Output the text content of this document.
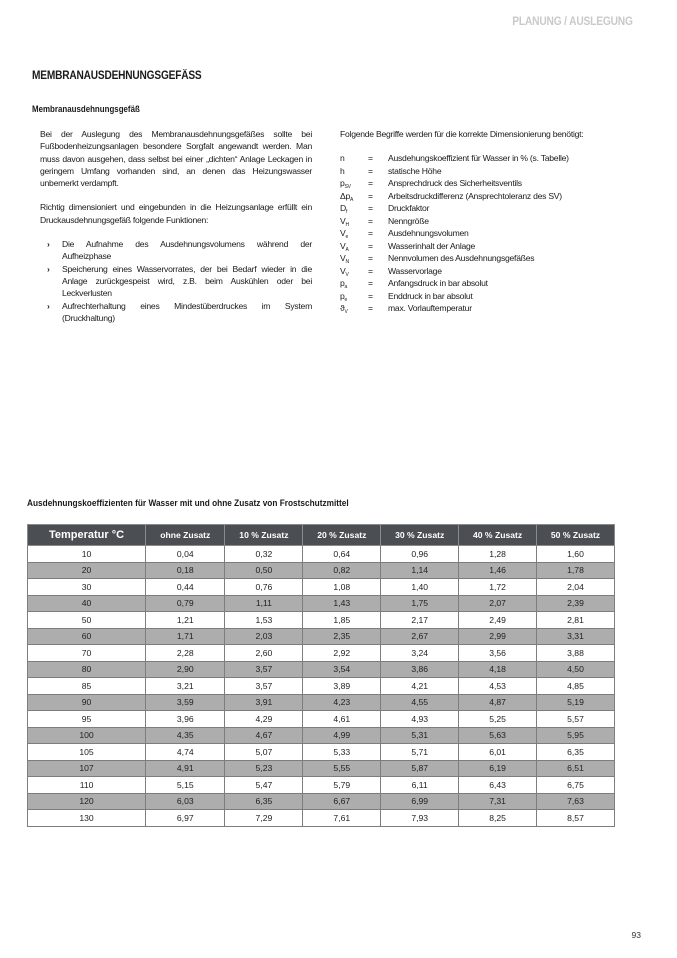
PLANUNG / AUSLEGUNG
MEMBRANAUSDEHNUNGSGEFÄSS
Membranausdehnungsgefäß

Bei der Auslegung des Membranausdehnungsgefäßes sollte bei Fußbodenheizungsanlagen besondere Sorgfalt angewandt werden. Man muss davon ausgehen, dass selbst bei einer „dichten“ Anlage Leckagen in geringem Umfang vorhanden sind, an denen das Heizungswasser unbemerkt verdampft.

Richtig dimensioniert und eingebunden in die Heizungsanlage erfüllt ein Druckausdehnungsgefäß folgende Funktionen:

› Die Aufnahme des Ausdehnungsvolumens während der Aufheizphase
› Speicherung eines Wasservorrates, der bei Bedarf wieder in die Anlage zurückgespeist wird, z.B. beim Auskühlen oder bei Leckverlusten
› Aufrechterhaltung eines Mindestüberdruckes im System (Druckhaltung)

Folgende Begriffe werden für die korrekte Dimensionierung benötigt:

n	=	Ausdehungskoeffizient für Wasser in % (s. Tabelle)
h	=	statische Höhe
$p_{SV}$	=	Ansprechdruck des Sicherheitsventils
$\Delta p_A$	=	Arbeitsdruckdifferenz (Ansprechtoleranz des SV)
$D_f$	=	Druckfaktor
$V_H$	=	Nenngröße
$V_e$	=	Ausdehnungsvolumen
$V_A$	=	Wasserinhalt der Anlage
$V_N$	=	Nennvolumen des Ausdehnungsgefäßes
$V_V$	=	Wasservorlage
$p_a$	=	Anfangsdruck in bar absolut
$p_e$	=	Enddruck in bar absolut
$ϑ_V$	=	max. Vorlauftemperatur
Ausdehnungskoeffizienten für Wasser mit und ohne Zusatz von Frostschutzmittel
Temperatur °C	ohne Zusatz	10 % Zusatz	20 % Zusatz	30 % Zusatz	40 % Zusatz	50 % Zusatz
10	0,04	0,32	0,64	0,96	1,28	1,60
20	0,18	0,50	0,82	1,14	1,46	1,78
30	0,44	0,76	1,08	1,40	1,72	2,04
40	0,79	1,11	1,43	1,75	2,07	2,39
50	1,21	1,53	1,85	2,17	2,49	2,81
60	1,71	2,03	2,35	2,67	2,99	3,31
70	2,28	2,60	2,92	3,24	3,56	3,88
80	2,90	3,57	3,54	3,86	4,18	4,50
85	3,21	3,57	3,89	4,21	4,53	4,85
90	3,59	3,91	4,23	4,55	4,87	5,19
95	3,96	4,29	4,61	4,93	5,25	5,57
100	4,35	4,67	4,99	5,31	5,63	5,95
105	4,74	5,07	5,33	5,71	6,01	6,35
107	4,91	5,23	5,55	5,87	6,19	6,51
110	5,15	5,47	5,79	6,11	6,43	6,75
120	6,03	6,35	6,67	6,99	7,31	7,63
130	6,97	7,29	7,61	7,93	8,25	8,57
93
